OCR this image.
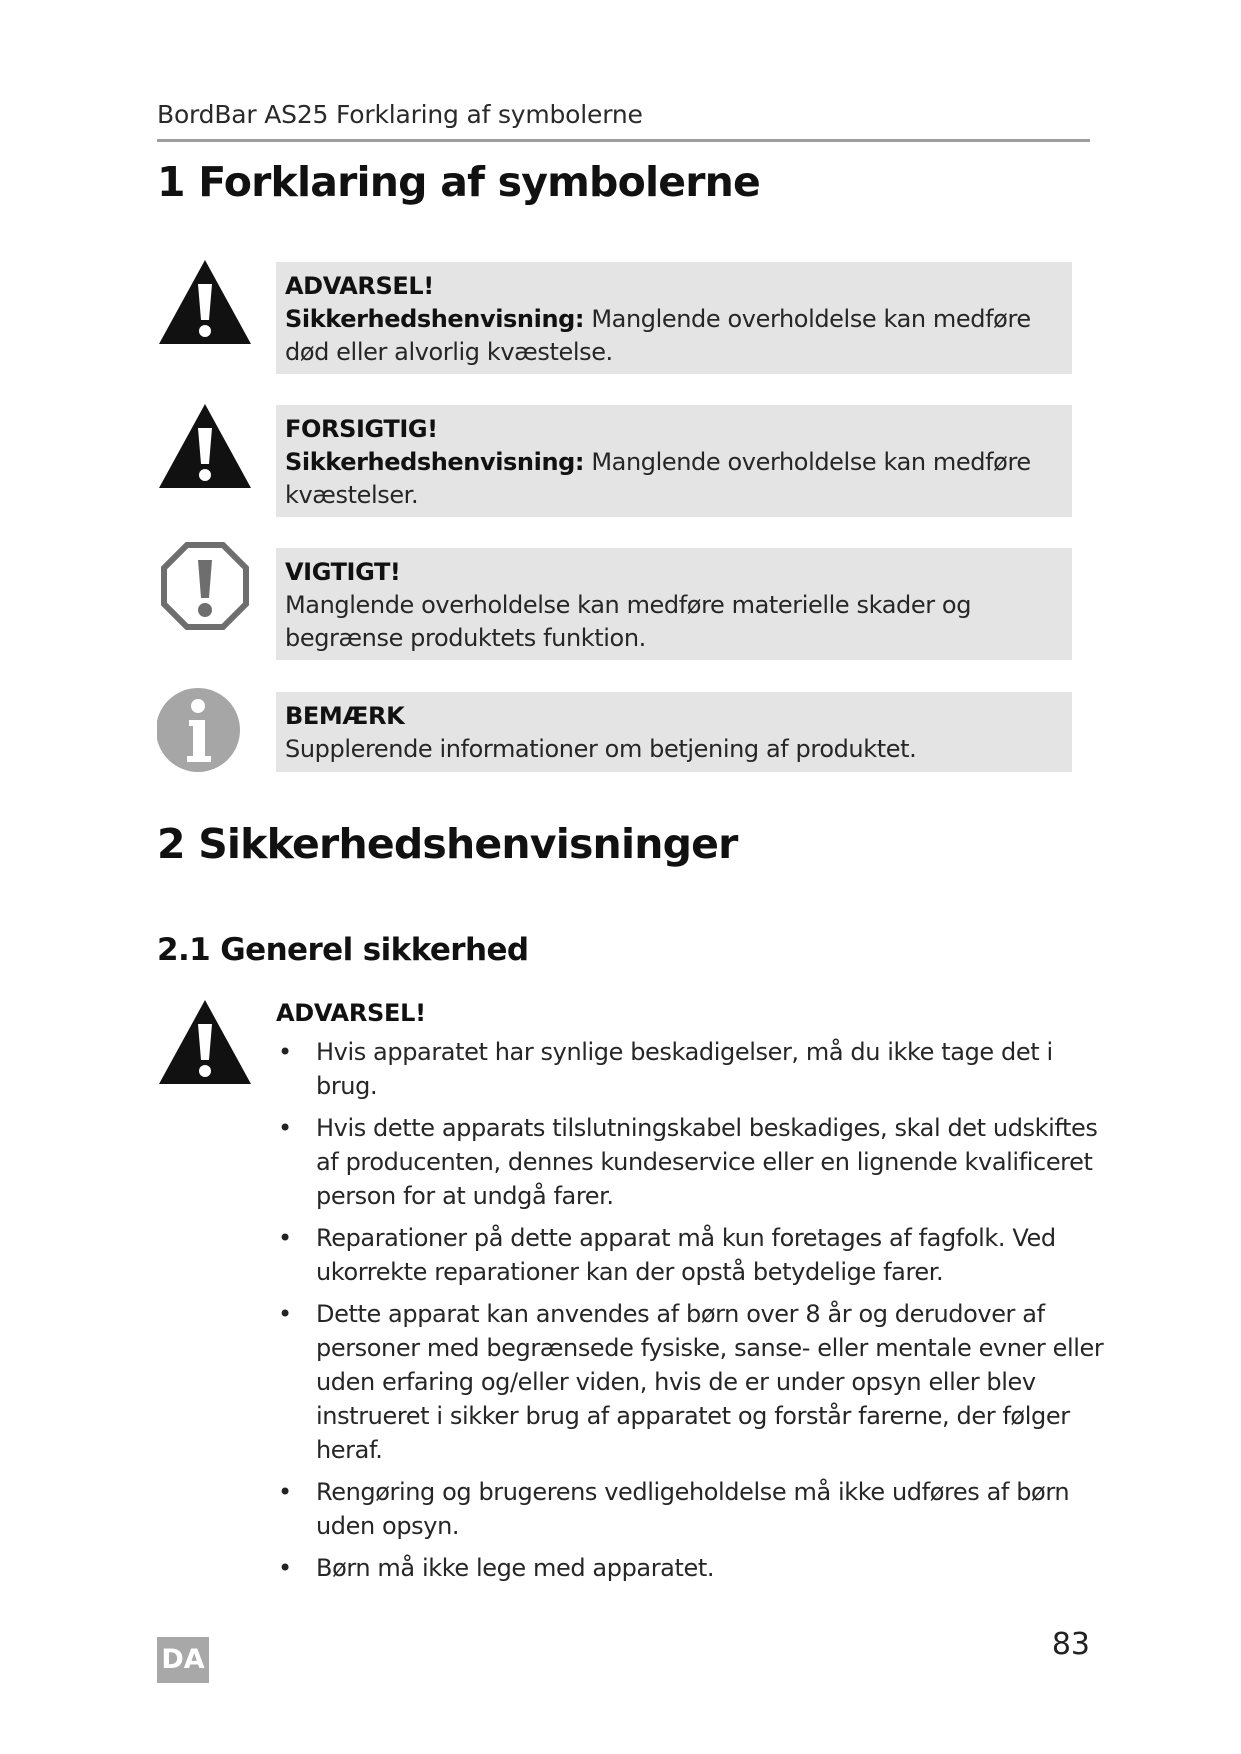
BordBar AS25 Forklaring af symbolerne
1 Forklaring af symbolerne
ADVARSEL!
Sikkerhedshenvisning: Manglende overholdelse kan medføre død eller alvorlig kvæstelse.
FORSIGTIG!
Sikkerhedshenvisning: Manglende overholdelse kan medføre kvæstelser.
VIGTIGT!
Manglende overholdelse kan medføre materielle skader og begrænse produktets funktion.
BEMÆRK
Supplerende informationer om betjening af produktet.
2 Sikkerhedshenvisninger
2.1 Generel sikkerhed
ADVARSEL!
• Hvis apparatet har synlige beskadigelser, må du ikke tage det i brug.
• Hvis dette apparats tilslutningskabel beskadiges, skal det udskiftes af producenten, dennes kundeservice eller en lignende kvalificeret person for at undgå farer.
• Reparationer på dette apparat må kun foretages af fagfolk. Ved ukorrekte reparationer kan der opstå betydelige farer.
• Dette apparat kan anvendes af børn over 8 år og derudover af personer med begrænsede fysiske, sanse- eller mentale evner eller uden erfaring og/eller viden, hvis de er under opsyn eller blev instrueret i sikker brug af apparatet og forstår farerne, der følger heraf.
• Rengøring og brugerens vedligeholdelse må ikke udføres af børn uden opsyn.
• Børn må ikke lege med apparatet.
DA	83
